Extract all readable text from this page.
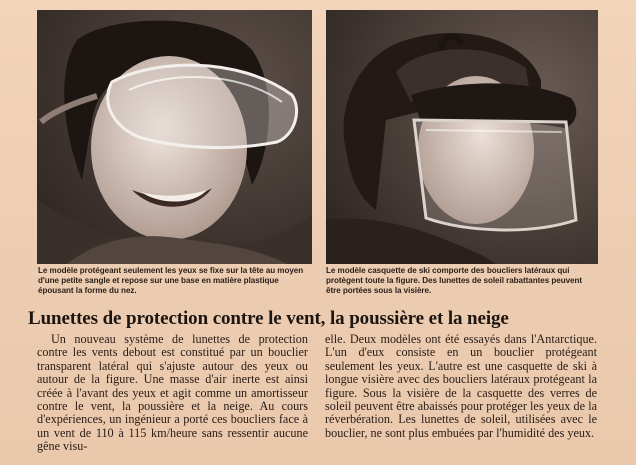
Le modèle protégeant seulement les yeux se fixe sur la tête au moyen d'une petite sangle et repose sur une base en matière plastique épousant la forme du nez.
Le modèle casquette de ski comporte des boucliers latéraux qui protègent toute la figure. Des lunettes de soleil rabattantes peuvent être portées sous la visière.
Lunettes de protection contre le vent, la poussière et la neige
Un nouveau système de lunettes de protection contre les vents debout est constitué par un bouclier transparent latéral qui s'ajuste autour des yeux ou autour de la figure. Une masse d'air inerte est ainsi créée à l'avant des yeux et agit comme un amortisseur contre le vent, la poussière et la neige. Au cours d'expériences, un ingénieur a porté ces boucliers face à un vent de 110 à 115 km/heure sans ressentir aucune gêne visu-
elle. Deux modèles ont été essayés dans l'Antarctique. L'un d'eux consiste en un bouclier protégeant seulement les yeux. L'autre est une casquette de ski à longue visière avec des boucliers latéraux protégeant la figure. Sous la visière de la casquette des verres de soleil peuvent être abaissés pour protéger les yeux de la réverbération. Les lunettes de soleil, utilisées avec le bouclier, ne sont plus embuées par l'humidité des yeux.
